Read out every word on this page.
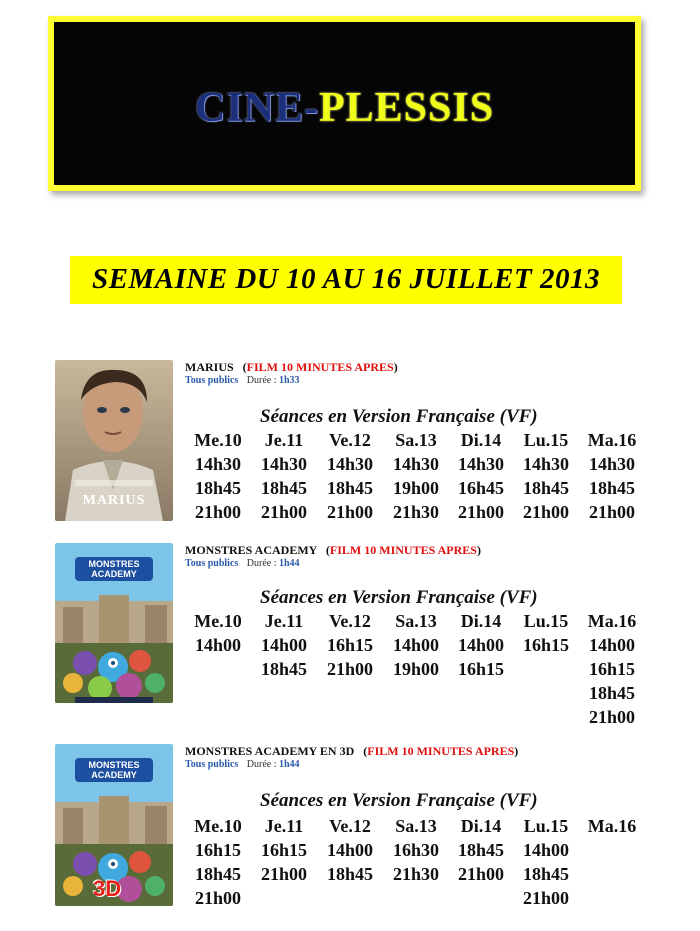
CINE-PLESSIS
SEMAINE DU 10 AU 16 JUILLET 2013
MARIUS
MARIUS (FILM 10 MINUTES APRES)
Tous publics Durée : 1h33
Séances en Version Française (VF)
Me.10
14h30
18h45
21h00
Je.11
14h30
18h45
21h00
Ve.12
14h30
18h45
21h00
Sa.13
14h30
19h00
21h30
Di.14
14h30
16h45
21h00
Lu.15
14h30
18h45
21h00
Ma.16
14h30
18h45
21h00
MONSTRES ACADEMY
MONSTRES ACADEMY (FILM 10 MINUTES APRES)
Tous publics Durée : 1h44
Séances en Version Française (VF)
Me.10
14h00
Je.11
14h00
18h45
Ve.12
16h15
21h00
Sa.13
14h00
19h00
Di.14
14h00
16h15
Lu.15
16h15
Ma.16
14h00
16h15
18h45
21h00
MONSTRES ACADEMY
3D
MONSTRES ACADEMY EN 3D (FILM 10 MINUTES APRES)
Tous publics Durée : 1h44
Séances en Version Française (VF)
Me.10
16h15
18h45
21h00
Je.11
16h15
21h00
Ve.12
14h00
18h45
Sa.13
16h30
21h30
Di.14
18h45
21h00
Lu.15
14h00
18h45
21h00
Ma.16
